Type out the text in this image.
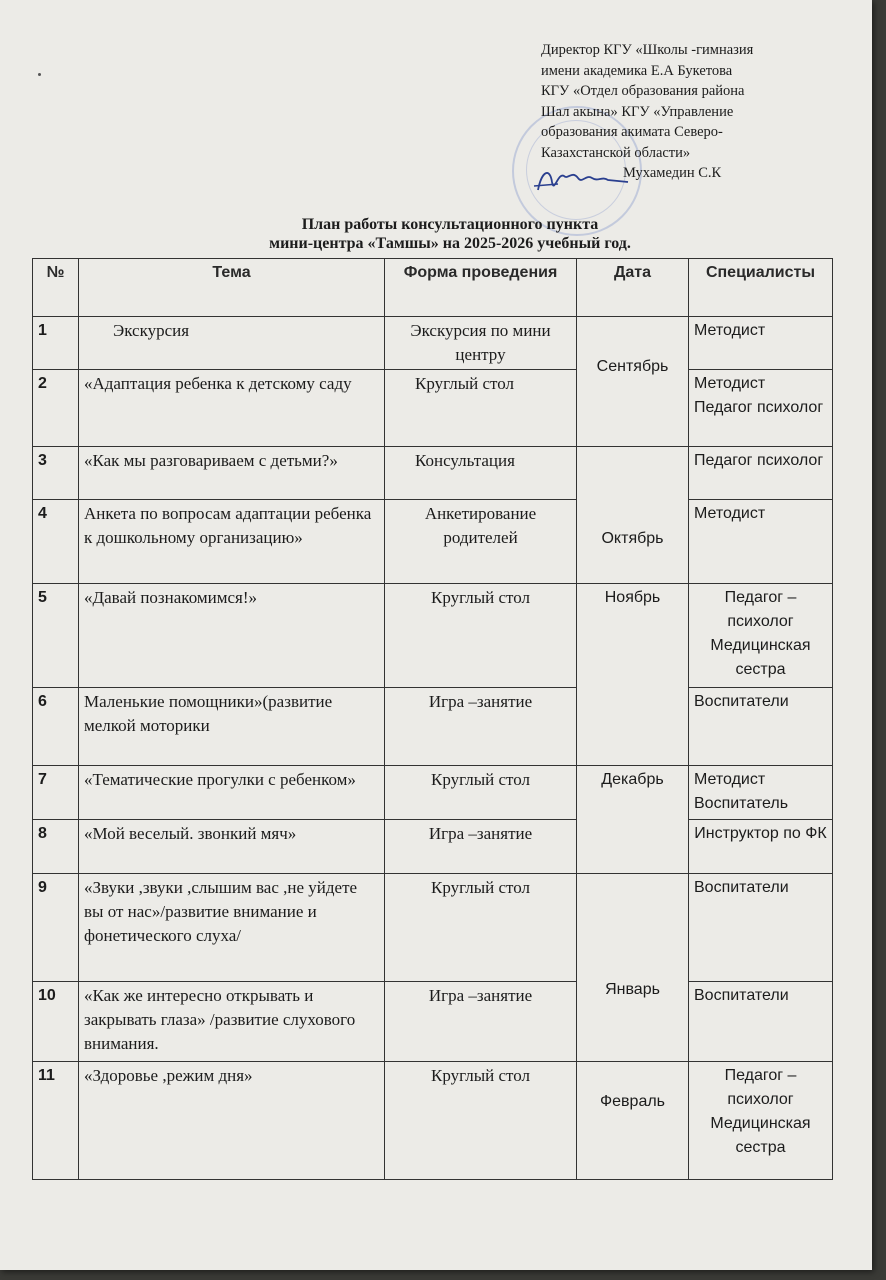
Директор КГУ «Школы -гимназия
имени академика Е.А Букетова
КГУ «Отдел образования района
Шал акына» КГУ «Управление
образования акимата Северо-
Казахстанской области»
Мухамедин С.К
План работы консультационного пункта
мини-центра «Тамшы» на 2025-2026 учебный год.
№	Тема	Форма проведения	Дата	Специалисты
1	Экскурсия	Экскурсия по мини центру	Сентябрь	Методист
2	«Адаптация ребенка к детскому саду	Круглый стол		Методист Педагог психолог
3	«Как мы разговариваем с детьми?»	Консультация	Октябрь	Педагог психолог
4	Анкета по вопросам адаптации ребенка к дошкольному организацию»	Анкетирование родителей		Методист
5	«Давай познакомимся!»	Круглый стол	Ноябрь	Педагог – психолог Медицинская сестра
6	Маленькие помощники»(развитие мелкой моторики	Игра –занятие		Воспитатели
7	«Тематические прогулки с ребенком»	Круглый стол	Декабрь	Методист Воспитатель
8	«Мой веселый. звонкий мяч»	Игра –занятие		Инструктор по ФК
9	«Звуки ,звуки ,слышим вас ,не уйдете вы от нас»/развитие внимание и фонетического слуха/	Круглый стол	Январь	Воспитатели
10	«Как же интересно открывать и закрывать глаза» /развитие слухового внимания.	Игра –занятие		Воспитатели
11	«Здоровье ,режим дня»	Круглый стол	Февраль	Педагог – психолог Медицинская сестра
